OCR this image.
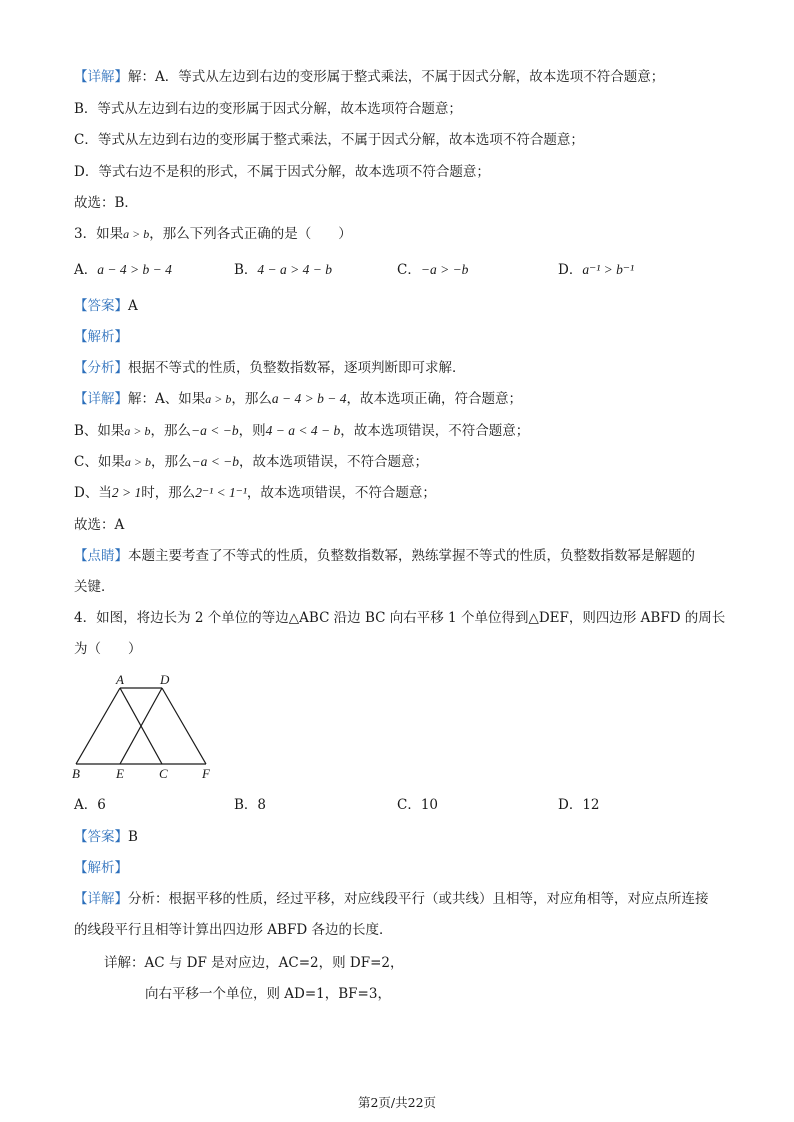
【详解】解：A．等式从左边到右边的变形属于整式乘法，不属于因式分解，故本选项不符合题意；
B．等式从左边到右边的变形属于因式分解，故本选项符合题意；
C．等式从左边到右边的变形属于整式乘法，不属于因式分解，故本选项不符合题意；
D．等式右边不是积的形式，不属于因式分解，故本选项不符合题意；
故选：B．
3．如果a > b，那么下列各式正确的是（　　）
A．a − 4 > b − 4	B．4 − a > 4 − b	C．−a > −b	D．a⁻¹ > b⁻¹
【答案】A
【解析】
【分析】根据不等式的性质，负整数指数幂，逐项判断即可求解．
【详解】解：A、如果a > b，那么a − 4 > b − 4，故本选项正确，符合题意；
B、如果a > b，那么−a < −b，则4 − a < 4 − b，故本选项错误，不符合题意；
C、如果a > b，那么−a < −b，故本选项错误，不符合题意；
D、当2 > 1时，那么2⁻¹ < 1⁻¹，故本选项错误，不符合题意；
故选：A
【点睛】本题主要考查了不等式的性质，负整数指数幂，熟练掌握不等式的性质，负整数指数幂是解题的
关键．
4．如图，将边长为 2 个单位的等边△ABC 沿边 BC 向右平移 1 个单位得到△DEF，则四边形 ABFD 的周长
为（　　）
A	D
B	E	C	F
A．6	B．8	C．10	D．12
【答案】B
【解析】
【详解】分析：根据平移的性质，经过平移，对应线段平行（或共线）且相等，对应角相等，对应点所连接
的线段平行且相等计算出四边形 ABFD 各边的长度．
详解：AC 与 DF 是对应边，AC=2，则 DF=2，
向右平移一个单位，则 AD=1，BF=3，
第2页/共22页
